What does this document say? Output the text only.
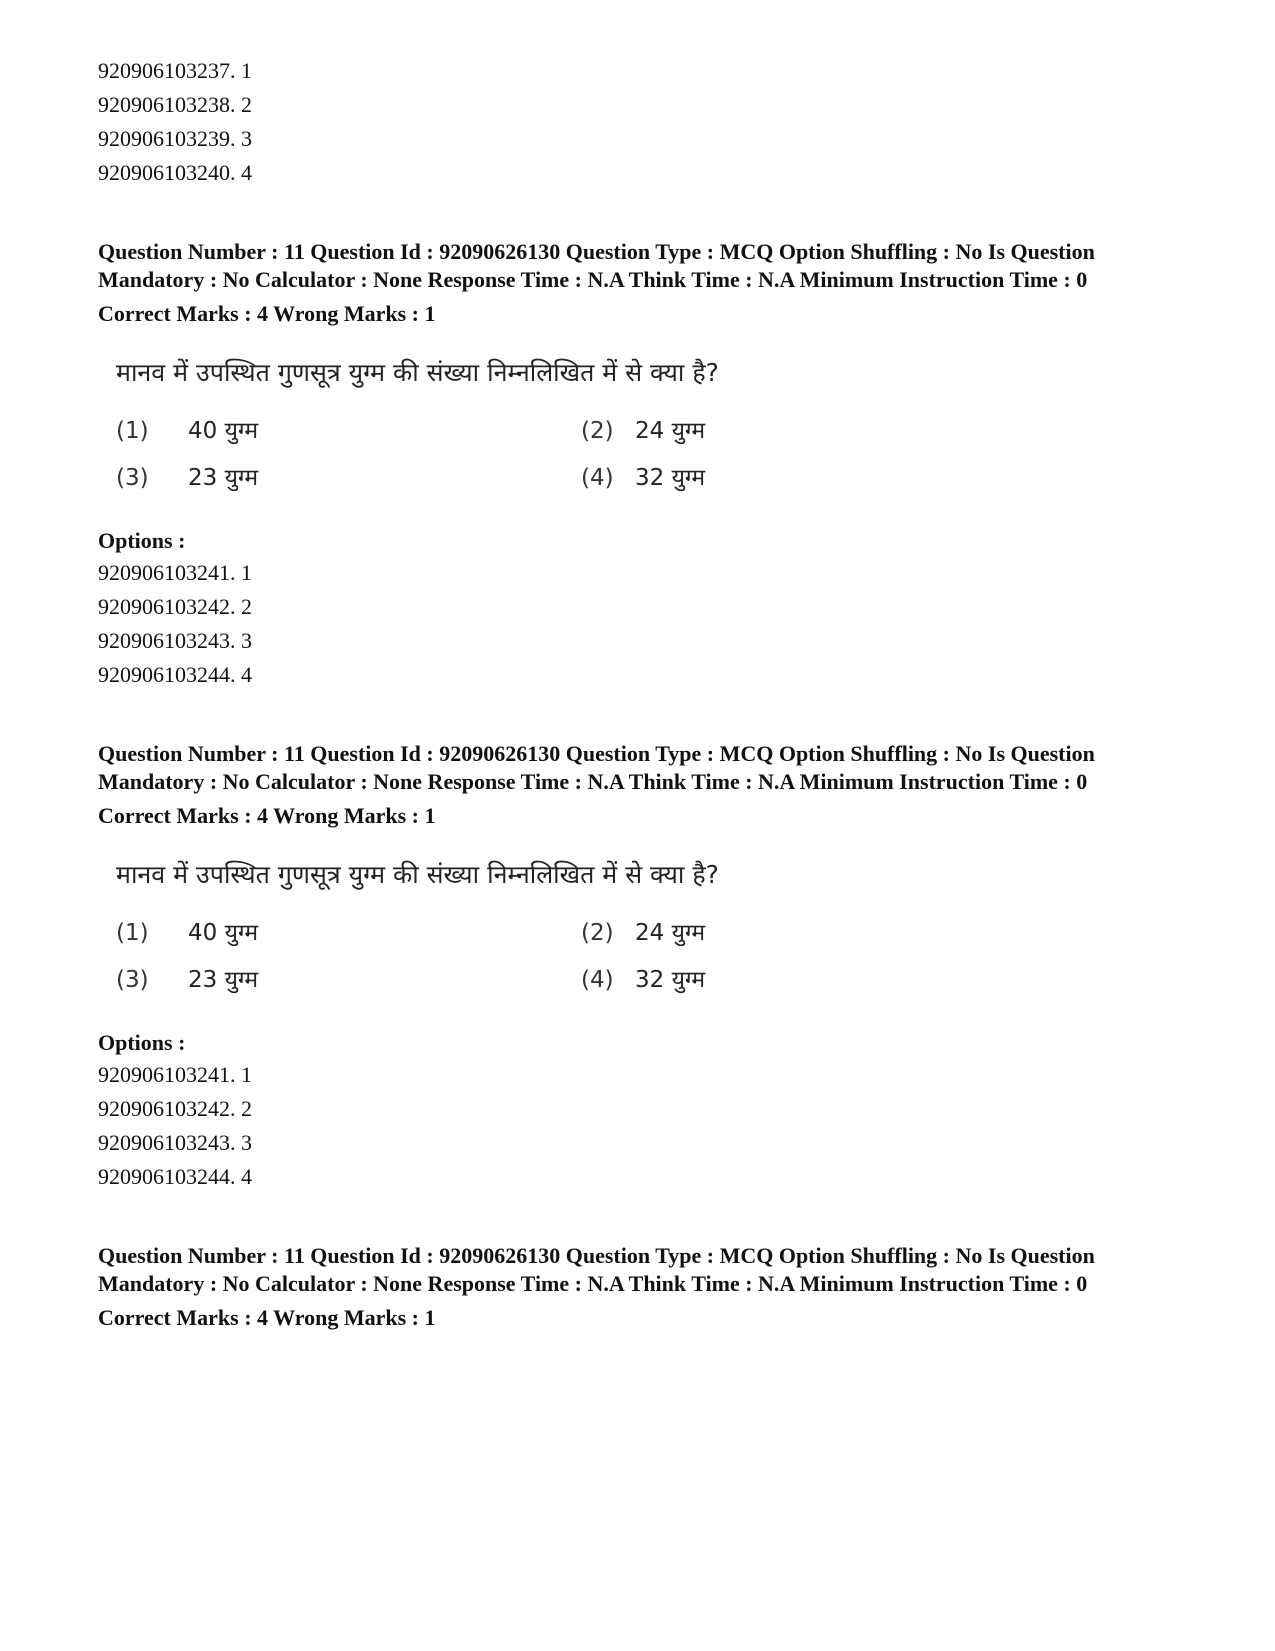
920906103237. 1
920906103238. 2
920906103239. 3
920906103240. 4

Question Number : 11 Question Id : 92090626130 Question Type : MCQ Option Shuffling : No Is Question Mandatory : No Calculator : None Response Time : N.A Think Time : N.A Minimum Instruction Time : 0

Correct Marks : 4 Wrong Marks : 1
मानव में उपस्थित गुणसूत्र युग्म की संख्या निम्नलिखित में से क्या है?
(1) 40 युग्म	(2) 24 युग्म
(3) 23 युग्म	(4) 32 युग्म
Options :
920906103241. 1
920906103242. 2
920906103243. 3
920906103244. 4

Question Number : 11 Question Id : 92090626130 Question Type : MCQ Option Shuffling : No Is Question Mandatory : No Calculator : None Response Time : N.A Think Time : N.A Minimum Instruction Time : 0

Correct Marks : 4 Wrong Marks : 1
मानव में उपस्थित गुणसूत्र युग्म की संख्या निम्नलिखित में से क्या है?
(1) 40 युग्म	(2) 24 युग्म
(3) 23 युग्म	(4) 32 युग्म
Options :
920906103241. 1
920906103242. 2
920906103243. 3
920906103244. 4

Question Number : 11 Question Id : 92090626130 Question Type : MCQ Option Shuffling : No Is Question Mandatory : No Calculator : None Response Time : N.A Think Time : N.A Minimum Instruction Time : 0

Correct Marks : 4 Wrong Marks : 1
